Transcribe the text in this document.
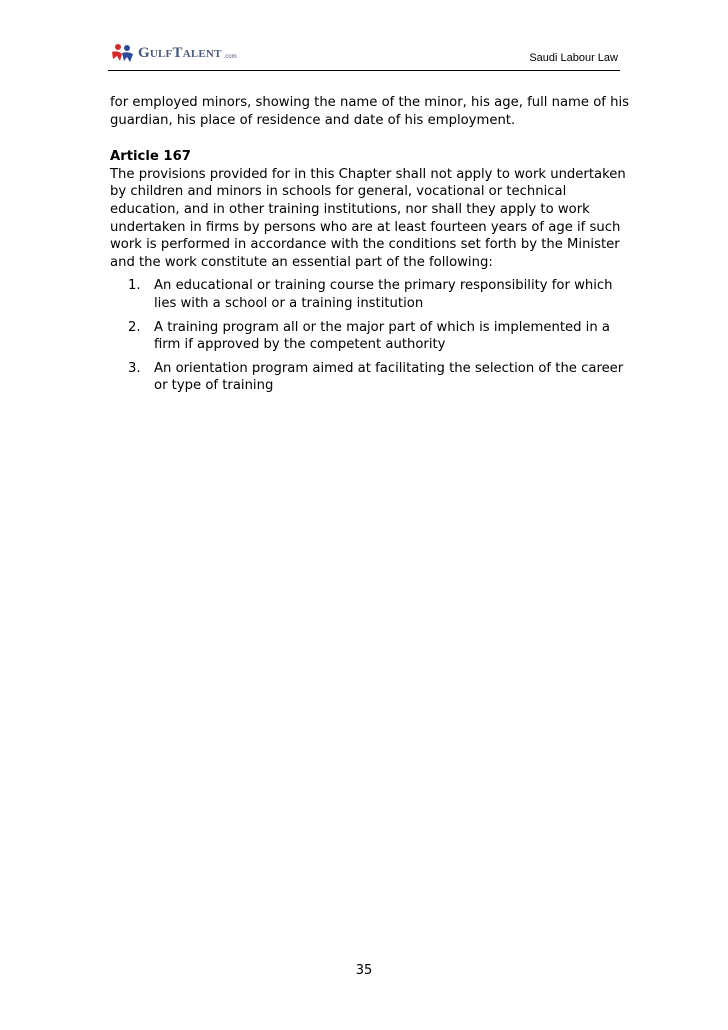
GULFTALENT .com	Saudi Labour Law

for employed minors, showing the name of the minor, his age, full name of his guardian, his place of residence and date of his employment.

Article 167

The provisions provided for in this Chapter shall not apply to work undertaken by children and minors in schools for general, vocational or technical education, and in other training institutions, nor shall they apply to work undertaken in firms by persons who are at least fourteen years of age if such work is performed in accordance with the conditions set forth by the Minister and the work constitute an essential part of the following:

1. An educational or training course the primary responsibility for which lies with a school or a training institution
2. A training program all or the major part of which is implemented in a firm if approved by the competent authority
3. An orientation program aimed at facilitating the selection of the career or type of training
35
